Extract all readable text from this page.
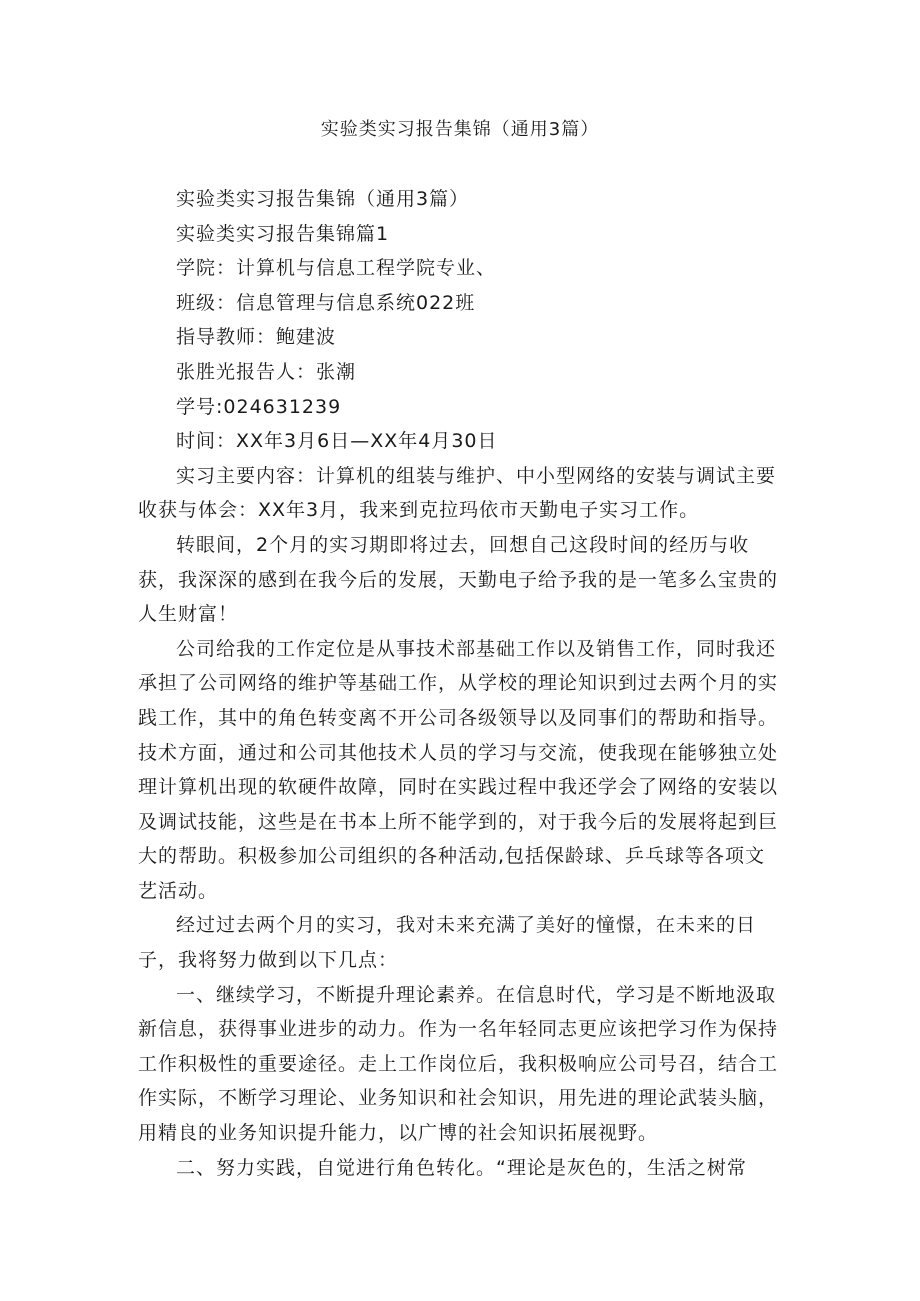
实验类实习报告集锦（通用3篇）

实验类实习报告集锦（通用3篇）

实验类实习报告集锦篇1

学院：计算机与信息工程学院专业、

班级：信息管理与信息系统022班

指导教师：鲍建波

张胜光报告人：张潮

学号:024631239

时间：XX年3月6日—XX年4月30日

实习主要内容：计算机的组装与维护、中小型网络的安装与调试主要收获与体会：XX年3月，我来到克拉玛依市天勤电子实习工作。

转眼间，2个月的实习期即将过去，回想自己这段时间的经历与收获，我深深的感到在我今后的发展，天勤电子给予我的是一笔多么宝贵的人生财富！

公司给我的工作定位是从事技术部基础工作以及销售工作，同时我还承担了公司网络的维护等基础工作，从学校的理论知识到过去两个月的实践工作，其中的角色转变离不开公司各级领导以及同事们的帮助和指导。技术方面，通过和公司其他技术人员的学习与交流，使我现在能够独立处理计算机出现的软硬件故障，同时在实践过程中我还学会了网络的安装以及调试技能，这些是在书本上所不能学到的，对于我今后的发展将起到巨大的帮助。积极参加公司组织的各种活动,包括保龄球、乒乓球等各项文艺活动。

经过过去两个月的实习，我对未来充满了美好的憧憬，在未来的日子，我将努力做到以下几点：

一、继续学习，不断提升理论素养。在信息时代，学习是不断地汲取新信息，获得事业进步的动力。作为一名年轻同志更应该把学习作为保持工作积极性的重要途径。走上工作岗位后，我积极响应公司号召，结合工作实际，不断学习理论、业务知识和社会知识，用先进的理论武装头脑，用精良的业务知识提升能力，以广博的社会知识拓展视野。

二、努力实践，自觉进行角色转化。“理论是灰色的，生活之树常
